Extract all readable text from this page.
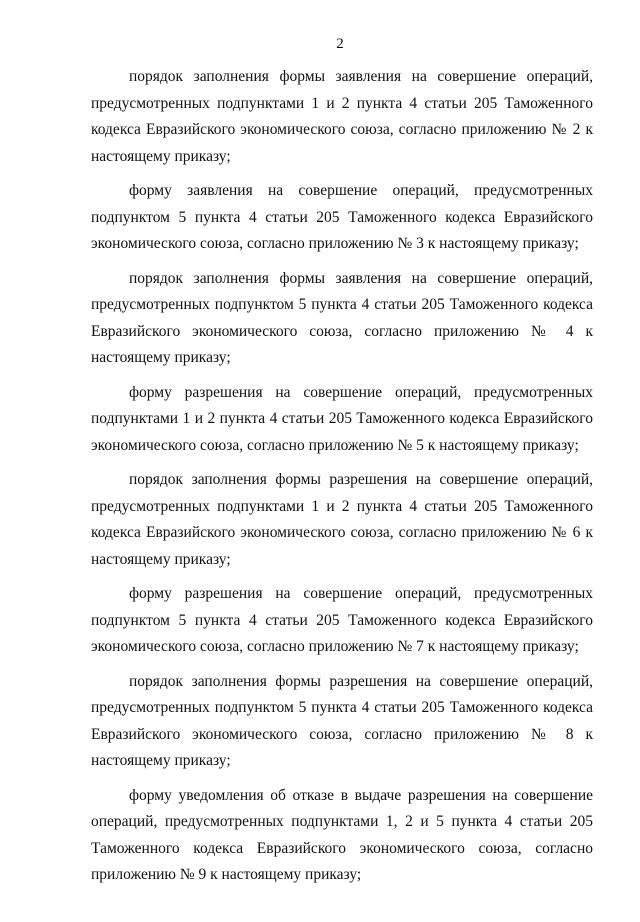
2

порядок заполнения формы заявления на совершение операций, предусмотренных подпунктами 1 и 2 пункта 4 статьи 205 Таможенного кодекса Евразийского экономического союза, согласно приложению № 2 к настоящему приказу;

форму заявления на совершение операций, предусмотренных подпунктом 5 пункта 4 статьи 205 Таможенного кодекса Евразийского экономического союза, согласно приложению № 3 к настоящему приказу;

порядок заполнения формы заявления на совершение операций, предусмотренных подпунктом 5 пункта 4 статьи 205 Таможенного кодекса Евразийского экономического союза, согласно приложению № 4 к настоящему приказу;

форму разрешения на совершение операций, предусмотренных подпунктами 1 и 2 пункта 4 статьи 205 Таможенного кодекса Евразийского экономического союза, согласно приложению № 5 к настоящему приказу;

порядок заполнения формы разрешения на совершение операций, предусмотренных подпунктами 1 и 2 пункта 4 статьи 205 Таможенного кодекса Евразийского экономического союза, согласно приложению № 6 к настоящему приказу;

форму разрешения на совершение операций, предусмотренных подпунктом 5 пункта 4 статьи 205 Таможенного кодекса Евразийского экономического союза, согласно приложению № 7 к настоящему приказу;

порядок заполнения формы разрешения на совершение операций, предусмотренных подпунктом 5 пункта 4 статьи 205 Таможенного кодекса Евразийского экономического союза, согласно приложению № 8 к настоящему приказу;

форму уведомления об отказе в выдаче разрешения на совершение операций, предусмотренных подпунктами 1, 2 и 5 пункта 4 статьи 205 Таможенного кодекса Евразийского экономического союза, согласно приложению № 9 к настоящему приказу;
